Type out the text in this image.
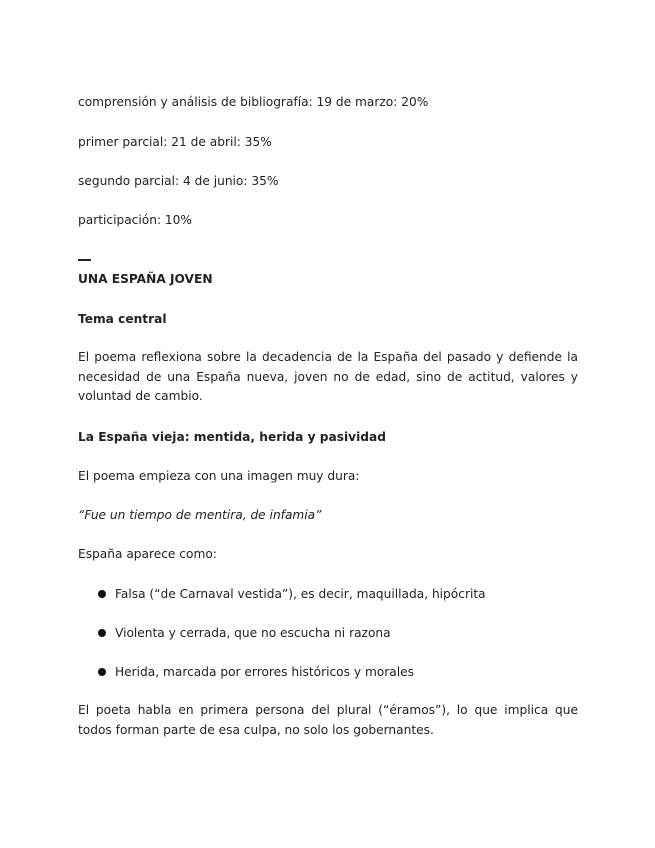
comprensión y análisis de bibliografía: 19 de marzo: 20%

primer parcial: 21 de abril: 35%

segundo parcial: 4 de junio: 35%

participación: 10%

UNA ESPAÑA JOVEN

Tema central

El poema reflexiona sobre la decadencia de la España del pasado y defiende la necesidad de una España nueva, joven no de edad, sino de actitud, valores y voluntad de cambio.

La España vieja: mentida, herida y pasividad

El poema empieza con una imagen muy dura:

“Fue un tiempo de mentira, de infamia”

España aparece como:

Falsa (“de Carnaval vestida”), es decir, maquillada, hipócrita
Violenta y cerrada, que no escucha ni razona
Herida, marcada por errores históricos y morales

El poeta habla en primera persona del plural (“éramos”), lo que implica que todos forman parte de esa culpa, no solo los gobernantes.
